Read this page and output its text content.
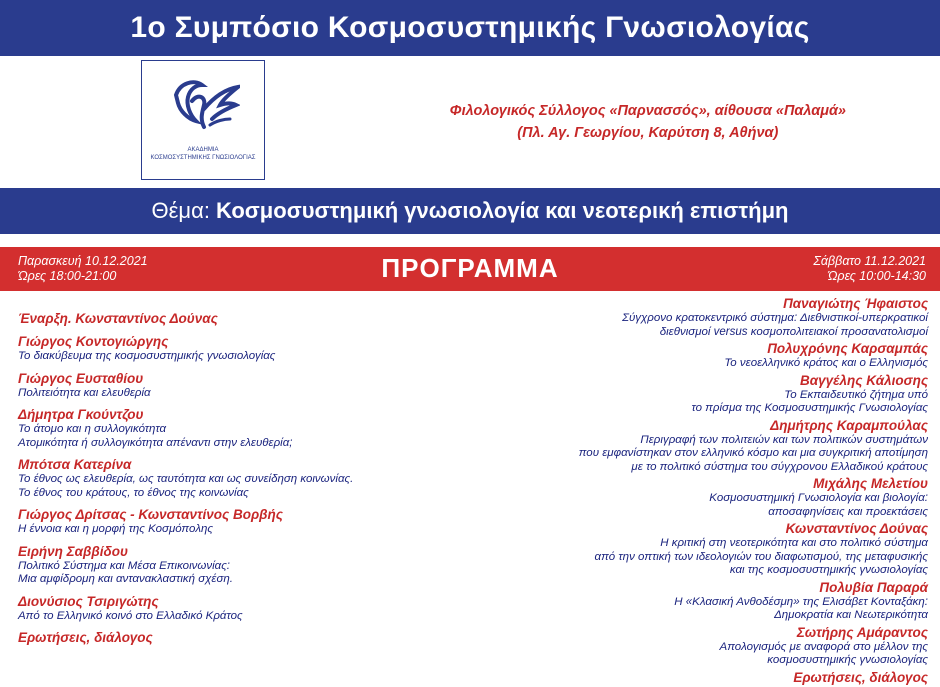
1ο Συμπόσιο Κοσμοσυστημικής Γνωσιολογίας
ΑΚΑΔΗΜΙΑ
ΚΟΣΜΟΣΥΣΤΗΜΙΚΗΣ ΓΝΩΣΙΟΛΟΓΙΑΣ
Φιλολογικός Σύλλογος «Παρνασσός», αίθουσα «Παλαμά»
(Πλ. Αγ. Γεωργίου, Καρύτση 8, Αθήνα)
Θέμα: Κοσμοσυστημική γνωσιολογία και νεοτερική επιστήμη
Παρασκευή 10.12.2021
Ώρες 18:00-21:00	ΠΡΟΓΡΑΜΜΑ	Σάββατο 11.12.2021
Ώρες 10:00-14:30
Έναρξη. Κωνσταντίνος Δούνας
Γιώργος Κοντογιώργης
Το διακύβευμα της κοσμοσυστημικής γνωσιολογίας
Γιώργος Ευσταθίου
Πολιτειότητα και ελευθερία
Δήμητρα Γκούντζου
Το άτομο και η συλλογικότητα
Ατομικότητα ή συλλογικότητα απέναντι στην ελευθερία;
Μπότσα Κατερίνα
Το έθνος ως ελευθερία, ως ταυτότητα και ως συνείδηση κοινωνίας.
Το έθνος του κράτους, το έθνος της κοινωνίας
Γιώργος Δρίτσας - Κωνσταντίνος Βορβής
Η έννοια και η μορφή της Κοσμόπολης
Ειρήνη Σαββίδου
Πολιτικό Σύστημα και Μέσα Επικοινωνίας:
Μια αμφίδρομη και αντανακλαστική σχέση.
Διονύσιος Τσιριγώτης
Από το Ελληνικό κοινό στο Ελλαδικό Κράτος
Ερωτήσεις, διάλογος
Παναγιώτης Ήφαιστος
Σύγχρονο κρατοκεντρικό σύστημα: Διεθνιστικοί-υπερκρατικοί
διεθνισμοί versus κοσμοπολιτειακοί προσανατολισμοί
Πολυχρόνης Καρσαμπάς
Το νεοελληνικό κράτος και ο Ελληνισμός
Βαγγέλης Κάλιοσης
Το Εκπαιδευτικό ζήτημα υπό
το πρίσμα της Κοσμοσυστημικής Γνωσιολογίας
Δημήτρης Καραμπούλας
Περιγραφή των πολιτειών και των πολιτικών συστημάτων
που εμφανίστηκαν στον ελληνικό κόσμο και μια συγκριτική αποτίμηση
με το πολιτικό σύστημα του σύγχρονου Ελλαδικού κράτους
Μιχάλης Μελετίου
Κοσμοσυστημική Γνωσιολογία και βιολογία:
αποσαφηνίσεις και προεκτάσεις
Κωνσταντίνος Δούνας
Η κριτική στη νεοτερικότητα και στο πολιτικό σύστημα
από την οπτική των ιδεολογιών του διαφωτισμού, της μεταφυσικής
και της κοσμοσυστημικής γνωσιολογίας
Πολυβία Παραρά
Η «Κλασική Ανθοδέσμη» της Ελισάβετ Κονταξάκη:
Δημοκρατία και Νεωτερικότητα
Σωτήρης Αμάραντος
Απολογισμός με αναφορά στο μέλλον της
κοσμοσυστημικής γνωσιολογίας
Ερωτήσεις, διάλογος
